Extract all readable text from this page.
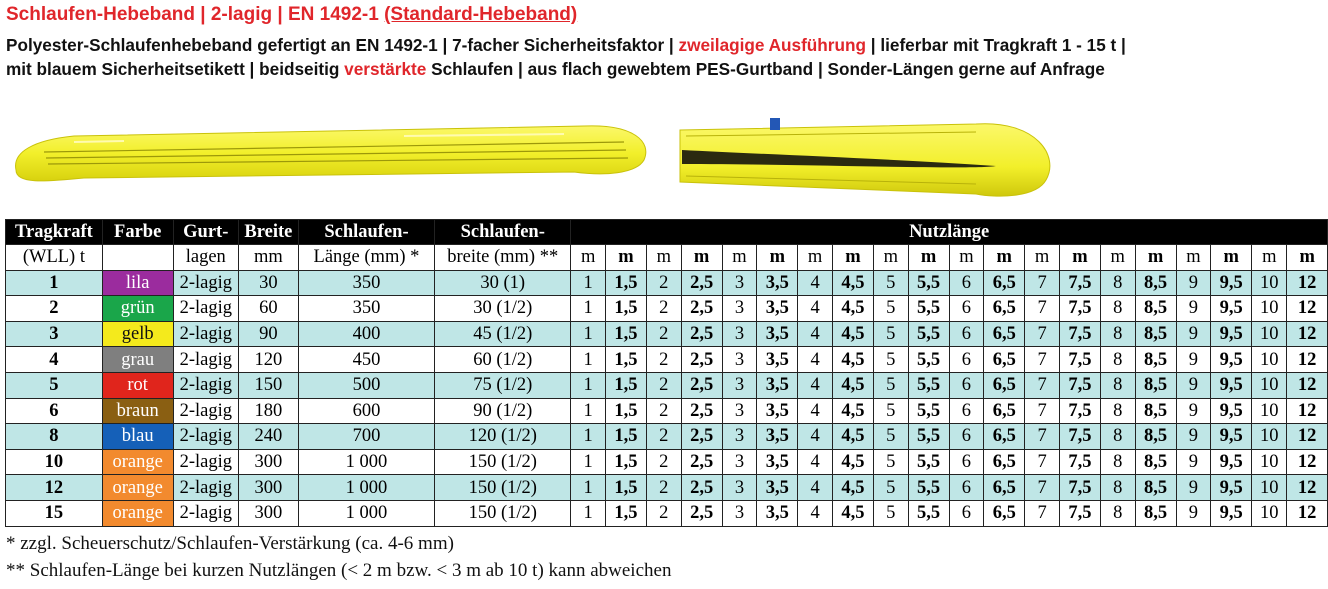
Schlaufen-Hebeband | 2-lagig | EN 1492-1 (Standard-Hebeband)
Polyester-Schlaufenhebeband gefertigt an EN 1492-1 | 7-facher Sicherheitsfaktor | zweilagige Ausführung | lieferbar mit Tragkraft 1 - 15 t |
mit blauem Sicherheitsetikett | beidseitig verstärkte Schlaufen | aus flach gewebtem PES-Gurtband | Sonder-Längen gerne auf Anfrage
Tragkraft	Farbe	Gurt-	Breite	Schlaufen-	Schlaufen-	Nutzlänge																			
(WLL) t		lagen	mm	Länge (mm) *	breite (mm) **	m	m	m	m	m	m	m	m	m	m	m	m	m	m	m	m	m	m	m	m
1	lila	2-lagig	30	350	30 (1)	1	1,5	2	2,5	3	3,5	4	4,5	5	5,5	6	6,5	7	7,5	8	8,5	9	9,5	10	12
2	grün	2-lagig	60	350	30 (1/2)	1	1,5	2	2,5	3	3,5	4	4,5	5	5,5	6	6,5	7	7,5	8	8,5	9	9,5	10	12
3	gelb	2-lagig	90	400	45 (1/2)	1	1,5	2	2,5	3	3,5	4	4,5	5	5,5	6	6,5	7	7,5	8	8,5	9	9,5	10	12
4	grau	2-lagig	120	450	60 (1/2)	1	1,5	2	2,5	3	3,5	4	4,5	5	5,5	6	6,5	7	7,5	8	8,5	9	9,5	10	12
5	rot	2-lagig	150	500	75 (1/2)	1	1,5	2	2,5	3	3,5	4	4,5	5	5,5	6	6,5	7	7,5	8	8,5	9	9,5	10	12
6	braun	2-lagig	180	600	90 (1/2)	1	1,5	2	2,5	3	3,5	4	4,5	5	5,5	6	6,5	7	7,5	8	8,5	9	9,5	10	12
8	blau	2-lagig	240	700	120 (1/2)	1	1,5	2	2,5	3	3,5	4	4,5	5	5,5	6	6,5	7	7,5	8	8,5	9	9,5	10	12
10	orange	2-lagig	300	1 000	150 (1/2)	1	1,5	2	2,5	3	3,5	4	4,5	5	5,5	6	6,5	7	7,5	8	8,5	9	9,5	10	12
12	orange	2-lagig	300	1 000	150 (1/2)	1	1,5	2	2,5	3	3,5	4	4,5	5	5,5	6	6,5	7	7,5	8	8,5	9	9,5	10	12
15	orange	2-lagig	300	1 000	150 (1/2)	1	1,5	2	2,5	3	3,5	4	4,5	5	5,5	6	6,5	7	7,5	8	8,5	9	9,5	10	12
* zzgl. Scheuerschutz/Schlaufen-Verstärkung (ca. 4-6 mm)
** Schlaufen-Länge bei kurzen Nutzlängen (< 2 m bzw. < 3 m ab 10 t) kann abweichen
